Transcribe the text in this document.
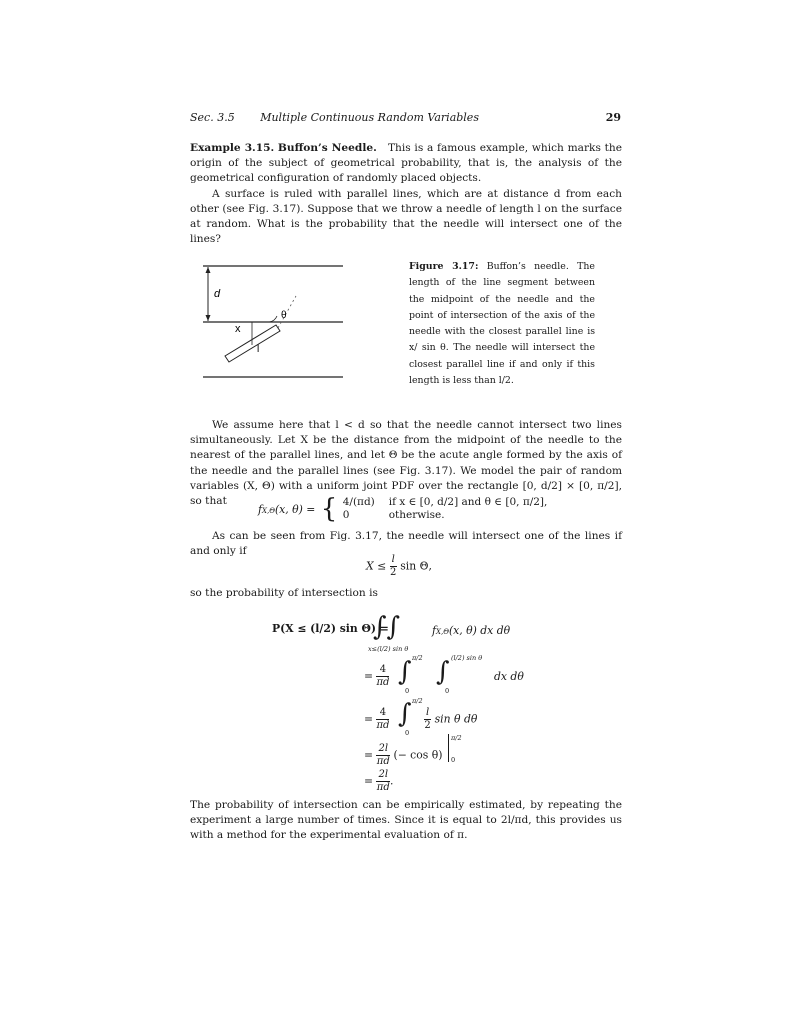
Sec. 3.5 Multiple Continuous Random Variables	29

Example 3.15. Buffon’s Needle. This is a famous example, which marks the origin of the subject of geometrical probability, that is, the analysis of the geometrical configuration of randomly placed objects.

A surface is ruled with parallel lines, which are at distance d from each other (see Fig. 3.17). Suppose that we throw a needle of length l on the surface at random. What is the probability that the needle will intersect one of the lines?

d
x
θ
l
Figure 3.17: Buffon’s needle. The length of the line segment between the midpoint of the needle and the point of intersection of the axis of the needle with the closest parallel line is x/ sin θ. The needle will intersect the closest parallel line if and only if this length is less than l/2.

We assume here that l < d so that the needle cannot intersect two lines simultaneously. Let X be the distance from the midpoint of the needle to the nearest of the parallel lines, and let Θ be the acute angle formed by the axis of the needle and the parallel lines (see Fig. 3.17). We model the pair of random variables (X, Θ) with a uniform joint PDF over the rectangle [0, d/2] × [0, π/2], so that

fX,Θ(x, θ) = { 4/(πd) if x ∈ [0, d/2] and θ ∈ [0, π/2],
0	otherwise.

As can be seen from Fig. 3.17, the needle will intersect one of the lines if and only if

$X \le \frac{l}{2}$ sin Θ,

so the probability of intersection is

P(X ≤ (l/2) sin Θ) =
∫∫	fX,Θ(x, θ) dx dθ
x≤(l/2) sin θ
= $\frac{4}{\pi d}$ ∫ π/2
0
∫ (l/2) sin θ
0
dx dθ
= $\frac{4}{\pi d}$ ∫ π/2
0
$\frac{l}{2}$ sin θ dθ
= $\frac{2l}{\pi d}$ (− cos θ)
π/2
0
= $\frac{2l}{\pi d}$ .

The probability of intersection can be empirically estimated, by repeating the experiment a large number of times. Since it is equal to 2l/πd, this provides us with a method for the experimental evaluation of π.
